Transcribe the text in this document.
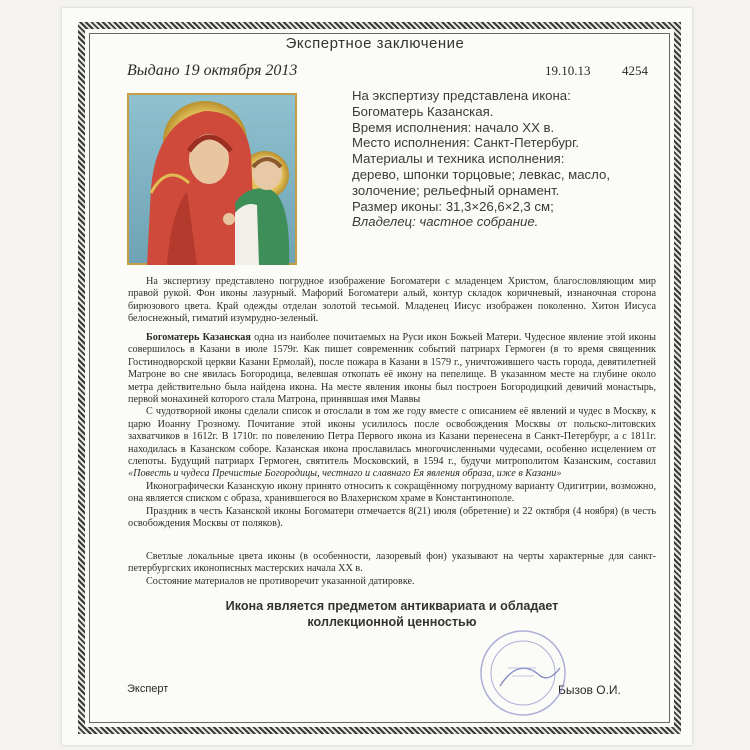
Экспертное заключение
Выдано 19 октября 2013	19.10.13 4254
На экспертизу представлена икона:
Богоматерь Казанская.
Время исполнения: начало XX в.
Место исполнения: Санкт-Петербург.
Материалы и техника исполнения:
дерево, шпонки торцовые; левкас, масло,
золочение; рельефный орнамент.
Размер иконы: 31,3×26,6×2,3 см;
Владелец: частное собрание.

На экспертизу представлено погрудное изображение Богоматери с младенцем Христом, благословляющим мир правой рукой. Фон иконы лазурный. Мафорий Богоматери алый, контур складок коричневый, изнаночная сторона бирюзового цвета. Край одежды отделан золотой тесьмой. Младенец Иисус изображен поколенно. Хитон Иисуса белоснежный, гиматий изумрудно-зеленый.

Богоматерь Казанская одна из наиболее почитаемых на Руси икон Божьей Матери. Чудесное явление этой иконы совершилось в Казани в июле 1579г. Как пишет современник событий патриарх Гермоген (в то время священник Гостинодворской церкви Казани Ермолай), после пожара в Казани в 1579 г., уничтожившего часть города, девятилетней Матроне во сне явилась Богородица, велевшая откопать её икону на пепелище. В указанном месте на глубине около метра действительно была найдена икона. На месте явления иконы был построен Богородицкий девичий монастырь, первой монахиней которого стала Матрона, принявшая имя Маввы

С чудотворной иконы сделали список и отослали в том же году вместе с описанием её явлений и чудес в Москву, к царю Иоанну Грозному. Почитание этой иконы усилилось после освобождения Москвы от польско-литовских захватчиков в 1612г. В 1710г. по повелению Петра Первого икона из Казани перенесена в Санкт-Петербург, а с 1811г. находилась в Казанском соборе. Казанская икона прославилась многочисленными чудесами, особенно исцелением от слепоты. Будущий патриарх Гермоген, святитель Московский, в 1594 г., будучи митрополитом Казанским, составил «Повесть и чудеса Пречистые Богородицы, честнаго и славнаго Ея явления образа, иже в Казани»

Иконографически Казанскую икону принято относить к сокращённому погрудному варианту Одигитрии, возможно, она является списком с образа, хранившегося во Влахернском храме в Константинополе.

Праздник в честь Казанской иконы Богоматери отмечается 8(21) июля (обретение) и 22 октября (4 ноября) (в честь освобождения Москвы от поляков).

Светлые локальные цвета иконы (в особенности, лазоревый фон) указывают на черты характерные для санкт-петербургских иконописных мастерских начала XX в.

Состояние материалов не противоречит указанной датировке.

Икона является предметом антиквариата и обладает
коллекционной ценностью
Эксперт	Бызов О.И.
